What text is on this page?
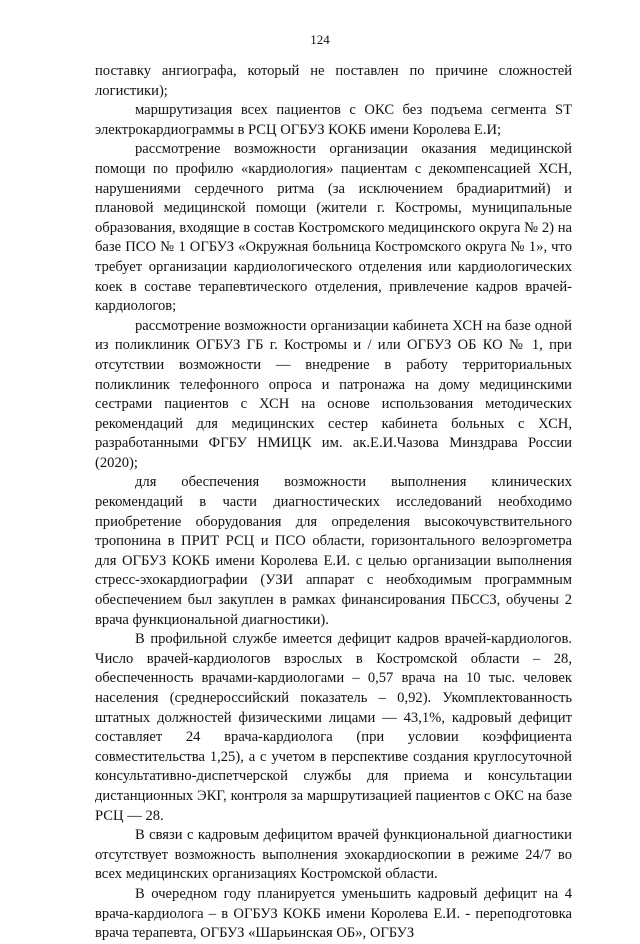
124

поставку ангиографа, который не поставлен по причине сложностей логистики);

маршрутизация всех пациентов с ОКС без подъема сегмента ST электрокардиограммы в РСЦ ОГБУЗ КОКБ имени Королева Е.И;

рассмотрение возможности организации оказания медицинской помощи по профилю «кардиология» пациентам с декомпенсацией ХСН, нарушениями сердечного ритма (за исключением брадиаритмий) и плановой медицинской помощи (жители г. Костромы, муниципальные образования, входящие в состав Костромского медицинского округа № 2) на базе ПСО № 1 ОГБУЗ «Окружная больница Костромского округа № 1», что требует организации кардиологического отделения или кардиологических коек в составе терапевтического отделения, привлечение кадров врачей-кардиологов;

рассмотрение возможности организации кабинета ХСН на базе одной из поликлиник ОГБУЗ ГБ г. Костромы и / или ОГБУЗ ОБ КО № 1, при отсутствии возможности — внедрение в работу территориальных поликлиник телефонного опроса и патронажа на дому медицинскими сестрами пациентов с ХСН на основе использования методических рекомендаций для медицинских сестер кабинета больных с ХСН, разработанными ФГБУ НМИЦК им. ак.Е.И.Чазова Минздрава России (2020);

для обеспечения возможности выполнения клинических рекомендаций в части диагностических исследований необходимо приобретение оборудования для определения высокочувствительного тропонина в ПРИТ РСЦ и ПСО области, горизонтального велоэргометра для ОГБУЗ КОКБ имени Королева Е.И. с целью организации выполнения стресс-эхокардиографии (УЗИ аппарат с необходимым программным обеспечением был закуплен в рамках финансирования ПБССЗ, обучены 2 врача функциональной диагностики).

В профильной службе имеется дефицит кадров врачей-кардиологов. Число врачей-кардиологов взрослых в Костромской области – 28, обеспеченность врачами-кардиологами – 0,57 врача на 10 тыс. человек населения (среднероссийский показатель – 0,92). Укомплектованность штатных должностей физическими лицами — 43,1%, кадровый дефицит составляет 24 врача-кардиолога (при условии коэффициента совместительства 1,25), а с учетом в перспективе создания круглосуточной консультативно-диспетчерской службы для приема и консультации дистанционных ЭКГ, контроля за маршрутизацией пациентов с ОКС на базе РСЦ — 28.

В связи с кадровым дефицитом врачей функциональной диагностики отсутствует возможность выполнения эхокардиоскопии в режиме 24/7 во всех медицинских организациях Костромской области.

В очередном году планируется уменьшить кадровый дефицит на 4 врача-кардиолога – в ОГБУЗ КОКБ имени Королева Е.И. - переподготовка врача терапевта, ОГБУЗ «Шарьинская ОБ», ОГБУЗ
